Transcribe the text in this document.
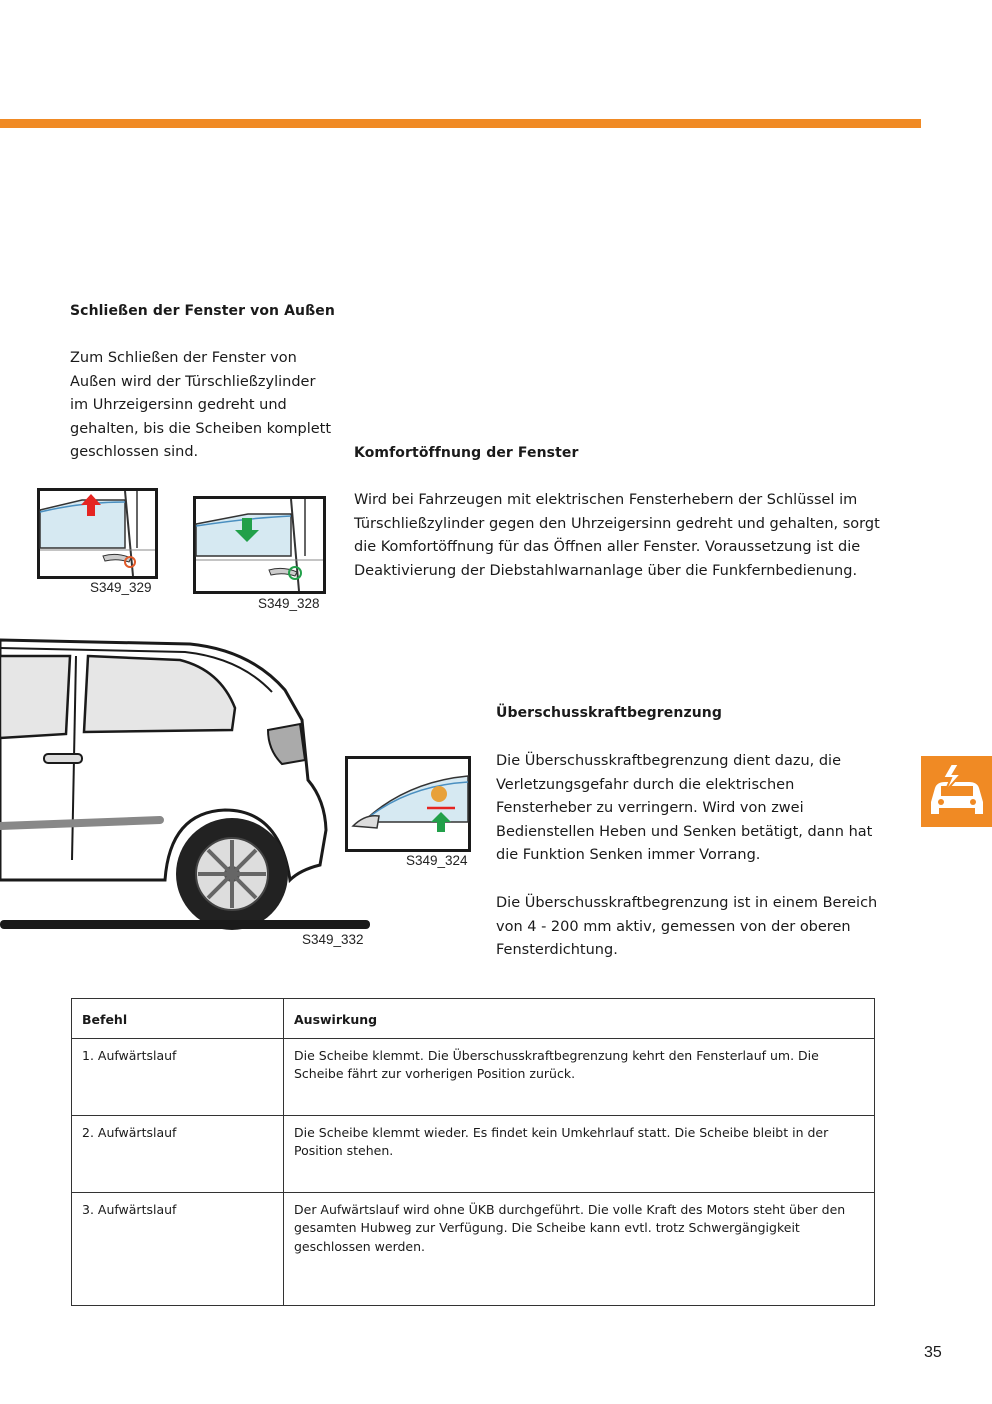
Schließen der Fenster von Außen
Zum Schließen der Fenster von Außen wird der Türschließzylinder im Uhrzeigersinn gedreht und gehalten, bis die Scheiben komplett geschlossen sind.
S349_329
S349_328
Komfortöffnung der Fenster
Wird bei Fahrzeugen mit elektrischen Fensterhebern der Schlüssel im Türschließzylinder gegen den Uhrzeigersinn gedreht und gehalten, sorgt die Komfortöffnung für das Öffnen aller Fenster. Voraussetzung ist die Deaktivierung der Diebstahlwarnanlage über die Funkfernbedienung.
S349_332
S349_324
Überschusskraftbegrenzung
Die Überschusskraftbegrenzung dient dazu, die Verletzungsgefahr durch die elektrischen Fensterheber zu verringern. Wird von zwei Bedienstellen Heben und Senken betätigt, dann hat die Funktion Senken immer Vorrang.
Die Überschusskraftbegrenzung ist in einem Bereich von 4 - 200 mm aktiv, gemessen von der oberen Fensterdichtung.
Befehl	Auswirkung
1. Aufwärtslauf	Die Scheibe klemmt. Die Überschusskraftbegrenzung kehrt den Fensterlauf um. Die Scheibe fährt zur vorherigen Position zurück.
2. Aufwärtslauf	Die Scheibe klemmt wieder. Es findet kein Umkehrlauf statt. Die Scheibe bleibt in der Position stehen.
3. Aufwärtslauf	Der Aufwärtslauf wird ohne ÜKB durchgeführt. Die volle Kraft des Motors steht über den gesamten Hubweg zur Verfügung. Die Scheibe kann evtl. trotz Schwergängigkeit geschlossen werden.
35
